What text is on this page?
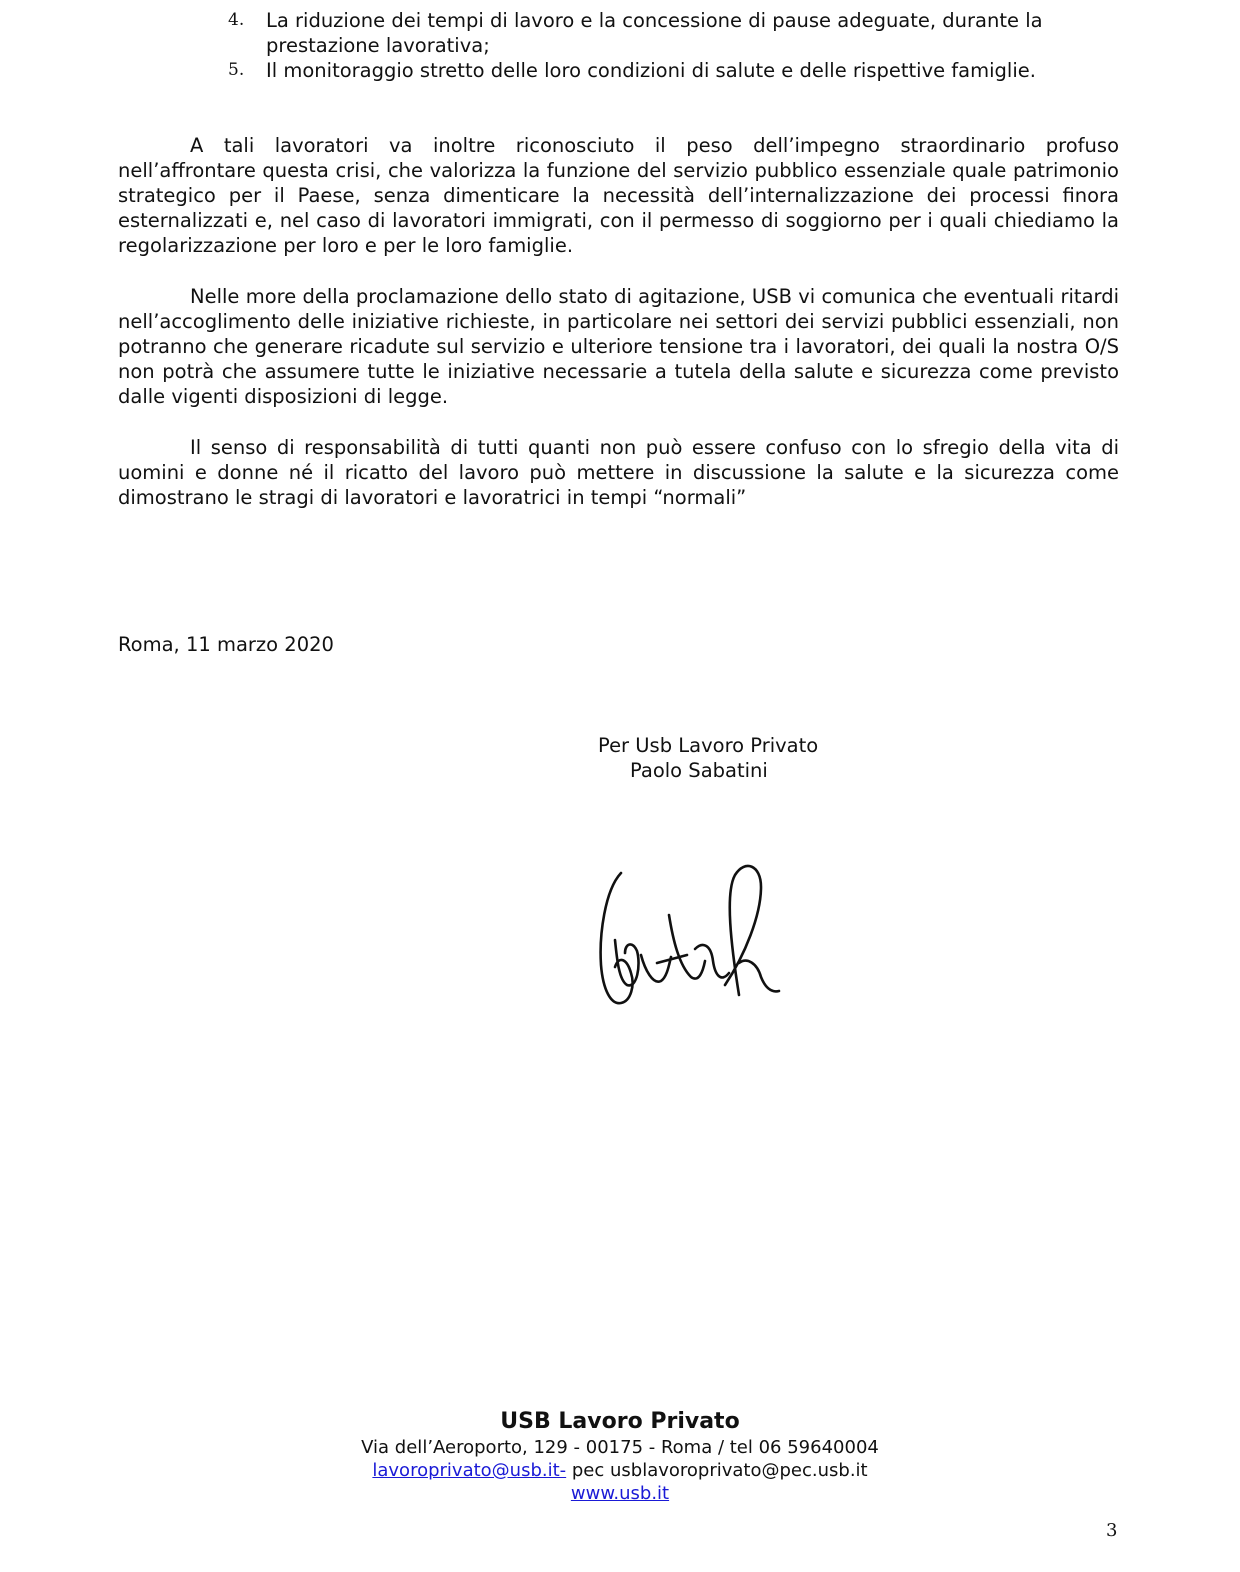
4. La riduzione dei tempi di lavoro e la concessione di pause adeguate, durante la prestazione lavorativa;
5. Il monitoraggio stretto delle loro condizioni di salute e delle rispettive famiglie.

A tali lavoratori va inoltre riconosciuto il peso dell’impegno straordinario profuso nell’affrontare questa crisi, che valorizza la funzione del servizio pubblico essenziale quale patrimonio strategico per il Paese, senza dimenticare la necessità dell’internalizzazione dei processi finora esternalizzati e, nel caso di lavoratori immigrati, con il permesso di soggiorno per i quali chiediamo la regolarizzazione per loro e per le loro famiglie.

Nelle more della proclamazione dello stato di agitazione, USB vi comunica che eventuali ritardi nell’accoglimento delle iniziative richieste, in particolare nei settori dei servizi pubblici essenziali, non potranno che generare ricadute sul servizio e ulteriore tensione tra i lavoratori, dei quali la nostra O/S non potrà che assumere tutte le iniziative necessarie a tutela della salute e sicurezza come previsto dalle vigenti disposizioni di legge.

Il senso di responsabilità di tutti quanti non può essere confuso con lo sfregio della vita di uomini e donne né il ricatto del lavoro può mettere in discussione la salute e la sicurezza come dimostrano le stragi di lavoratori e lavoratrici in tempi “normali”

Roma, 11 marzo 2020
Per Usb Lavoro Privato
Paolo Sabatini
USB Lavoro Privato
Via dell’Aeroporto, 129 - 00175 - Roma / tel 06 59640004
lavoroprivato@usb.it- pec usblavoroprivato@pec.usb.it
www.usb.it
3
